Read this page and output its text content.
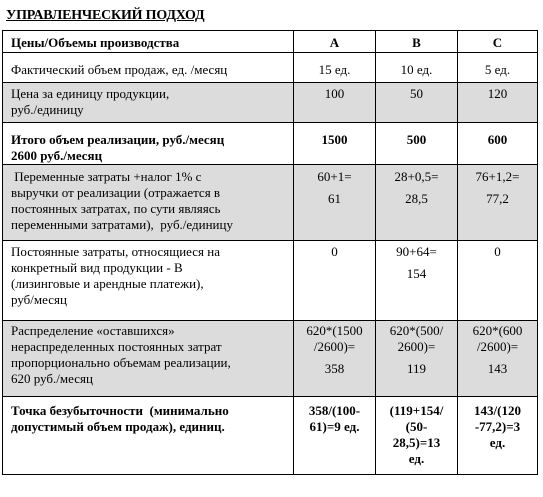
УПРАВЛЕНЧЕСКИЙ ПОДХОД
Цены/Объемы производства	A	B	C

Фактический объем продаж, ед. /месяц	15 ед.	10 ед.	5 ед.

Цена за единицу продукции,
руб./единицу	100	50	120

Итого объем реализации, руб./месяц
2600 руб./месяц	1500	500	600

Переменные затраты +налог 1% с
выручки от реализации (отражается в
постоянных затратах, по сути являясь
переменными затратами),  руб./единицу	60+1=
61	28+0,5=
28,5	76+1,2=
77,2

Постоянные затраты, относящиеся на
конкретный вид продукции - B
(лизинговые и арендные платежи),
руб/месяц	0	90+64=
154	0

Распределение «оставшихся»
нераспределенных постоянных затрат
пропорционально объемам реализации,
620 руб./месяц	620*(1500
/2600)=
358	620*(500/
2600)=
119	620*(600
/2600)=
143

Точка безубыточности  (минимально
допустимый объем продаж), единиц.	358/(100-
61)=9 ед.	(119+154/
(50-
28,5)=13
ед.	143/(120
-77,2)=3
ед.
